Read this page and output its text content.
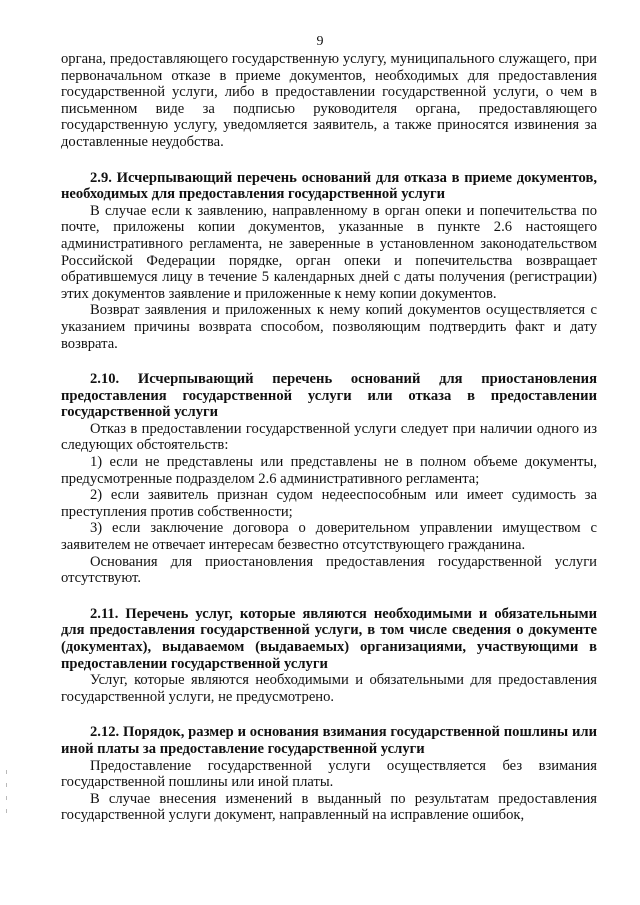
9

органа, предоставляющего государственную услугу, муниципального служащего, при первоначальном отказе в приеме документов, необходимых для предоставления государственной услуги, либо в предоставлении государственной услуги, о чем в письменном виде за подписью руководителя органа, предоставляющего государственную услугу, уведомляется заявитель, а также приносятся извинения за доставленные неудобства.

2.9. Исчерпывающий перечень оснований для отказа в приеме документов, необходимых для предоставления государственной услуги

В случае если к заявлению, направленному в орган опеки и попечительства по почте, приложены копии документов, указанные в пункте 2.6 настоящего административного регламента, не заверенные в установленном законодательством Российской Федерации порядке, орган опеки и попечительства возвращает обратившемуся лицу в течение 5 календарных дней с даты получения (регистрации) этих документов заявление и приложенные к нему копии документов.

Возврат заявления и приложенных к нему копий документов осуществляется с указанием причины возврата способом, позволяющим подтвердить факт и дату возврата.

2.10. Исчерпывающий перечень оснований для приостановления предоставления государственной услуги или отказа в предоставлении государственной услуги

Отказ в предоставлении государственной услуги следует при наличии одного из следующих обстоятельств:

1) если не представлены или представлены не в полном объеме документы, предусмотренные подразделом 2.6 административного регламента;

2) если заявитель признан судом недееспособным или имеет судимость за преступления против собственности;

3) если заключение договора о доверительном управлении имуществом с заявителем не отвечает интересам безвестно отсутствующего гражданина.

Основания для приостановления предоставления государственной услуги отсутствуют.

2.11. Перечень услуг, которые являются необходимыми и обязательными для предоставления государственной услуги, в том числе сведения о документе (документах), выдаваемом (выдаваемых) организациями, участвующими в предоставлении государственной услуги

Услуг, которые являются необходимыми и обязательными для предоставления государственной услуги, не предусмотрено.

2.12. Порядок, размер и основания взимания государственной пошлины или иной платы за предоставление государственной услуги

Предоставление государственной услуги осуществляется без взимания государственной пошлины или иной платы.

В случае внесения изменений в выданный по результатам предоставления государственной услуги документ, направленный на исправление ошибок,
